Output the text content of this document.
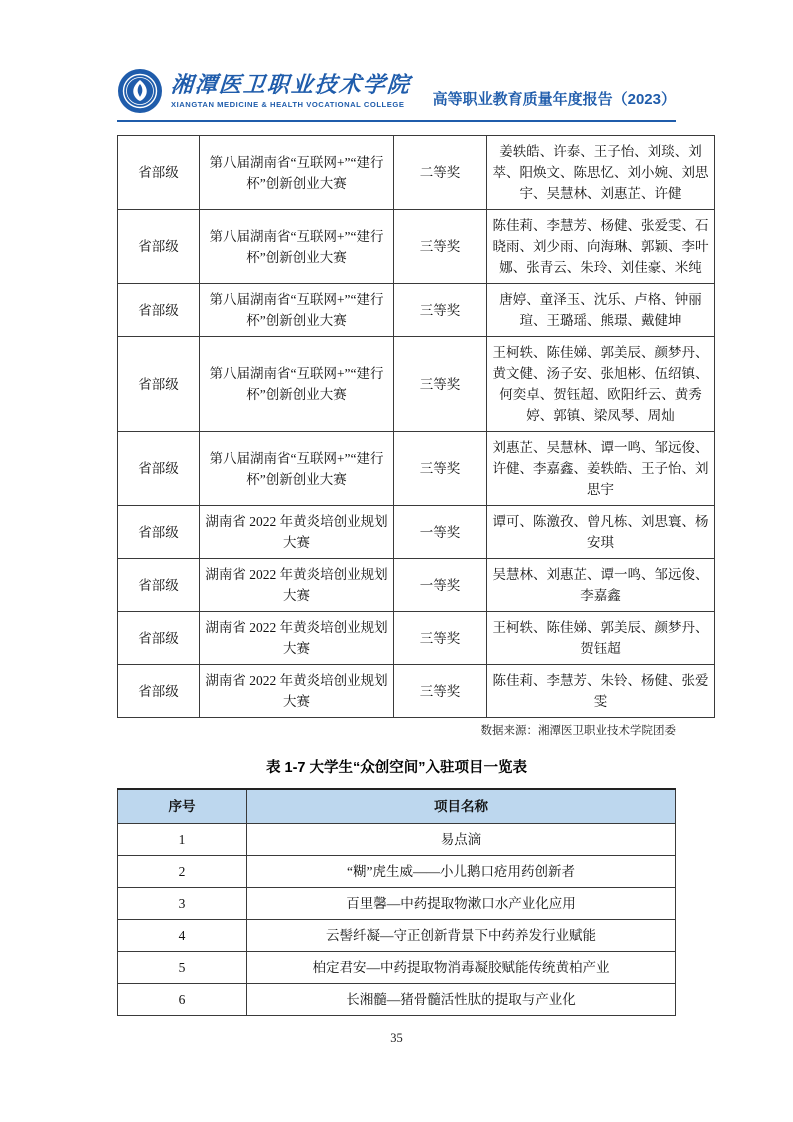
湘潭医卫职业技术学院
XIANGTAN MEDICINE & HEALTH VOCATIONAL COLLEGE	高等职业教育质量年度报告（2023）
省部级	第八届湖南省“互联网+”“建行杯”创新创业大赛	二等奖	姜轶皓、许泰、王子怡、刘琰、刘萃、阳焕文、陈思忆、刘小婉、刘思宇、吴慧林、刘惠芷、许健
省部级	第八届湖南省“互联网+”“建行杯”创新创业大赛	三等奖	陈佳莉、李慧芳、杨健、张爱雯、石晓雨、刘少雨、向海琳、郭颖、李叶娜、张青云、朱玲、刘佳豪、米纯
省部级	第八届湖南省“互联网+”“建行杯”创新创业大赛	三等奖	唐婷、童泽玉、沈乐、卢格、钟丽瑄、王璐瑶、熊璟、戴健坤
省部级	第八届湖南省“互联网+”“建行杯”创新创业大赛	三等奖	王柯轶、陈佳娣、郭美辰、颜梦丹、黄文健、汤子安、张旭彬、伍绍镇、何奕卓、贺钰超、欧阳纤云、黄秀婷、郭镇、梁凤琴、周灿
省部级	第八届湖南省“互联网+”“建行杯”创新创业大赛	三等奖	刘惠芷、吴慧林、谭一鸣、邹远俊、许健、李嘉鑫、姜轶皓、王子怡、刘思宇
省部级	湖南省 2022 年黄炎培创业规划大赛	一等奖	谭可、陈激孜、曾凡栋、刘思寰、杨安琪
省部级	湖南省 2022 年黄炎培创业规划大赛	一等奖	吴慧林、刘惠芷、谭一鸣、邹远俊、李嘉鑫
省部级	湖南省 2022 年黄炎培创业规划大赛	三等奖	王柯轶、陈佳娣、郭美辰、颜梦丹、贺钰超
省部级	湖南省 2022 年黄炎培创业规划大赛	三等奖	陈佳莉、李慧芳、朱铃、杨健、张爱雯
数据来源：湘潭医卫职业技术学院团委
表 1-7 大学生“众创空间”入驻项目一览表
序号	项目名称
1	易点滴
2	“糊”虎生威——小儿鹅口疮用药创新者
3	百里馨—中药提取物漱口水产业化应用
4	云髻纤凝—守正创新背景下中药养发行业赋能
5	柏定君安—中药提取物消毒凝胶赋能传统黄柏产业
6	长湘髓—猪骨髓活性肽的提取与产业化
35
